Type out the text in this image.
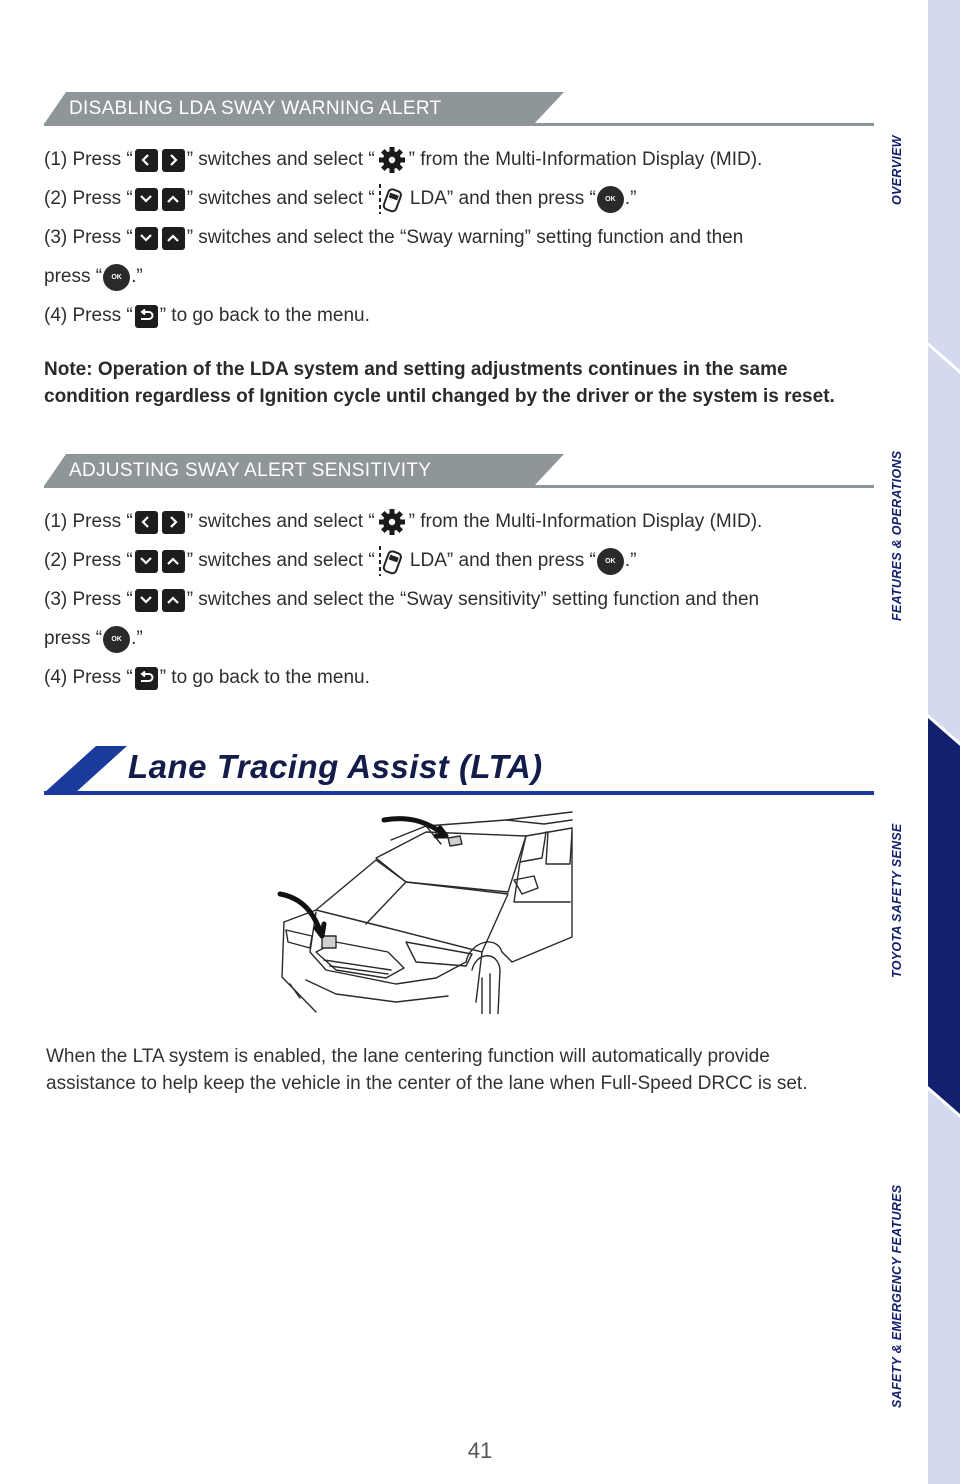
OVERVIEW
FEATURES & OPERATIONS
TOYOTA SAFETY SENSE
SAFETY & EMERGENCY FEATURES
DISABLING LDA SWAY WARNING ALERT
(1) Press “	” switches and select “ ” from the Multi-Information Display (MID).
(2) Press “	” switches and select “ LDA” and then press “	OK .”
(3) Press “	” switches and select the “Sway warning” setting function and then
press “	OK .”
(4) Press “ ” to go back to the menu.
Note: Operation of the LDA system and setting adjustments continues in the same condition regardless of Ignition cycle until changed by the driver or the system is reset.
ADJUSTING SWAY ALERT SENSITIVITY
(1) Press “	” switches and select “ ” from the Multi-Information Display (MID).
(2) Press “	” switches and select “ LDA” and then press “	OK .”
(3) Press “	” switches and select the “Sway sensitivity” setting function and then
press “	OK .”
(4) Press “ ” to go back to the menu.
Lane Tracing Assist (LTA)
When the LTA system is enabled, the lane centering function will automatically provide assistance to help keep the vehicle in the center of the lane when Full-Speed DRCC is set.
41
